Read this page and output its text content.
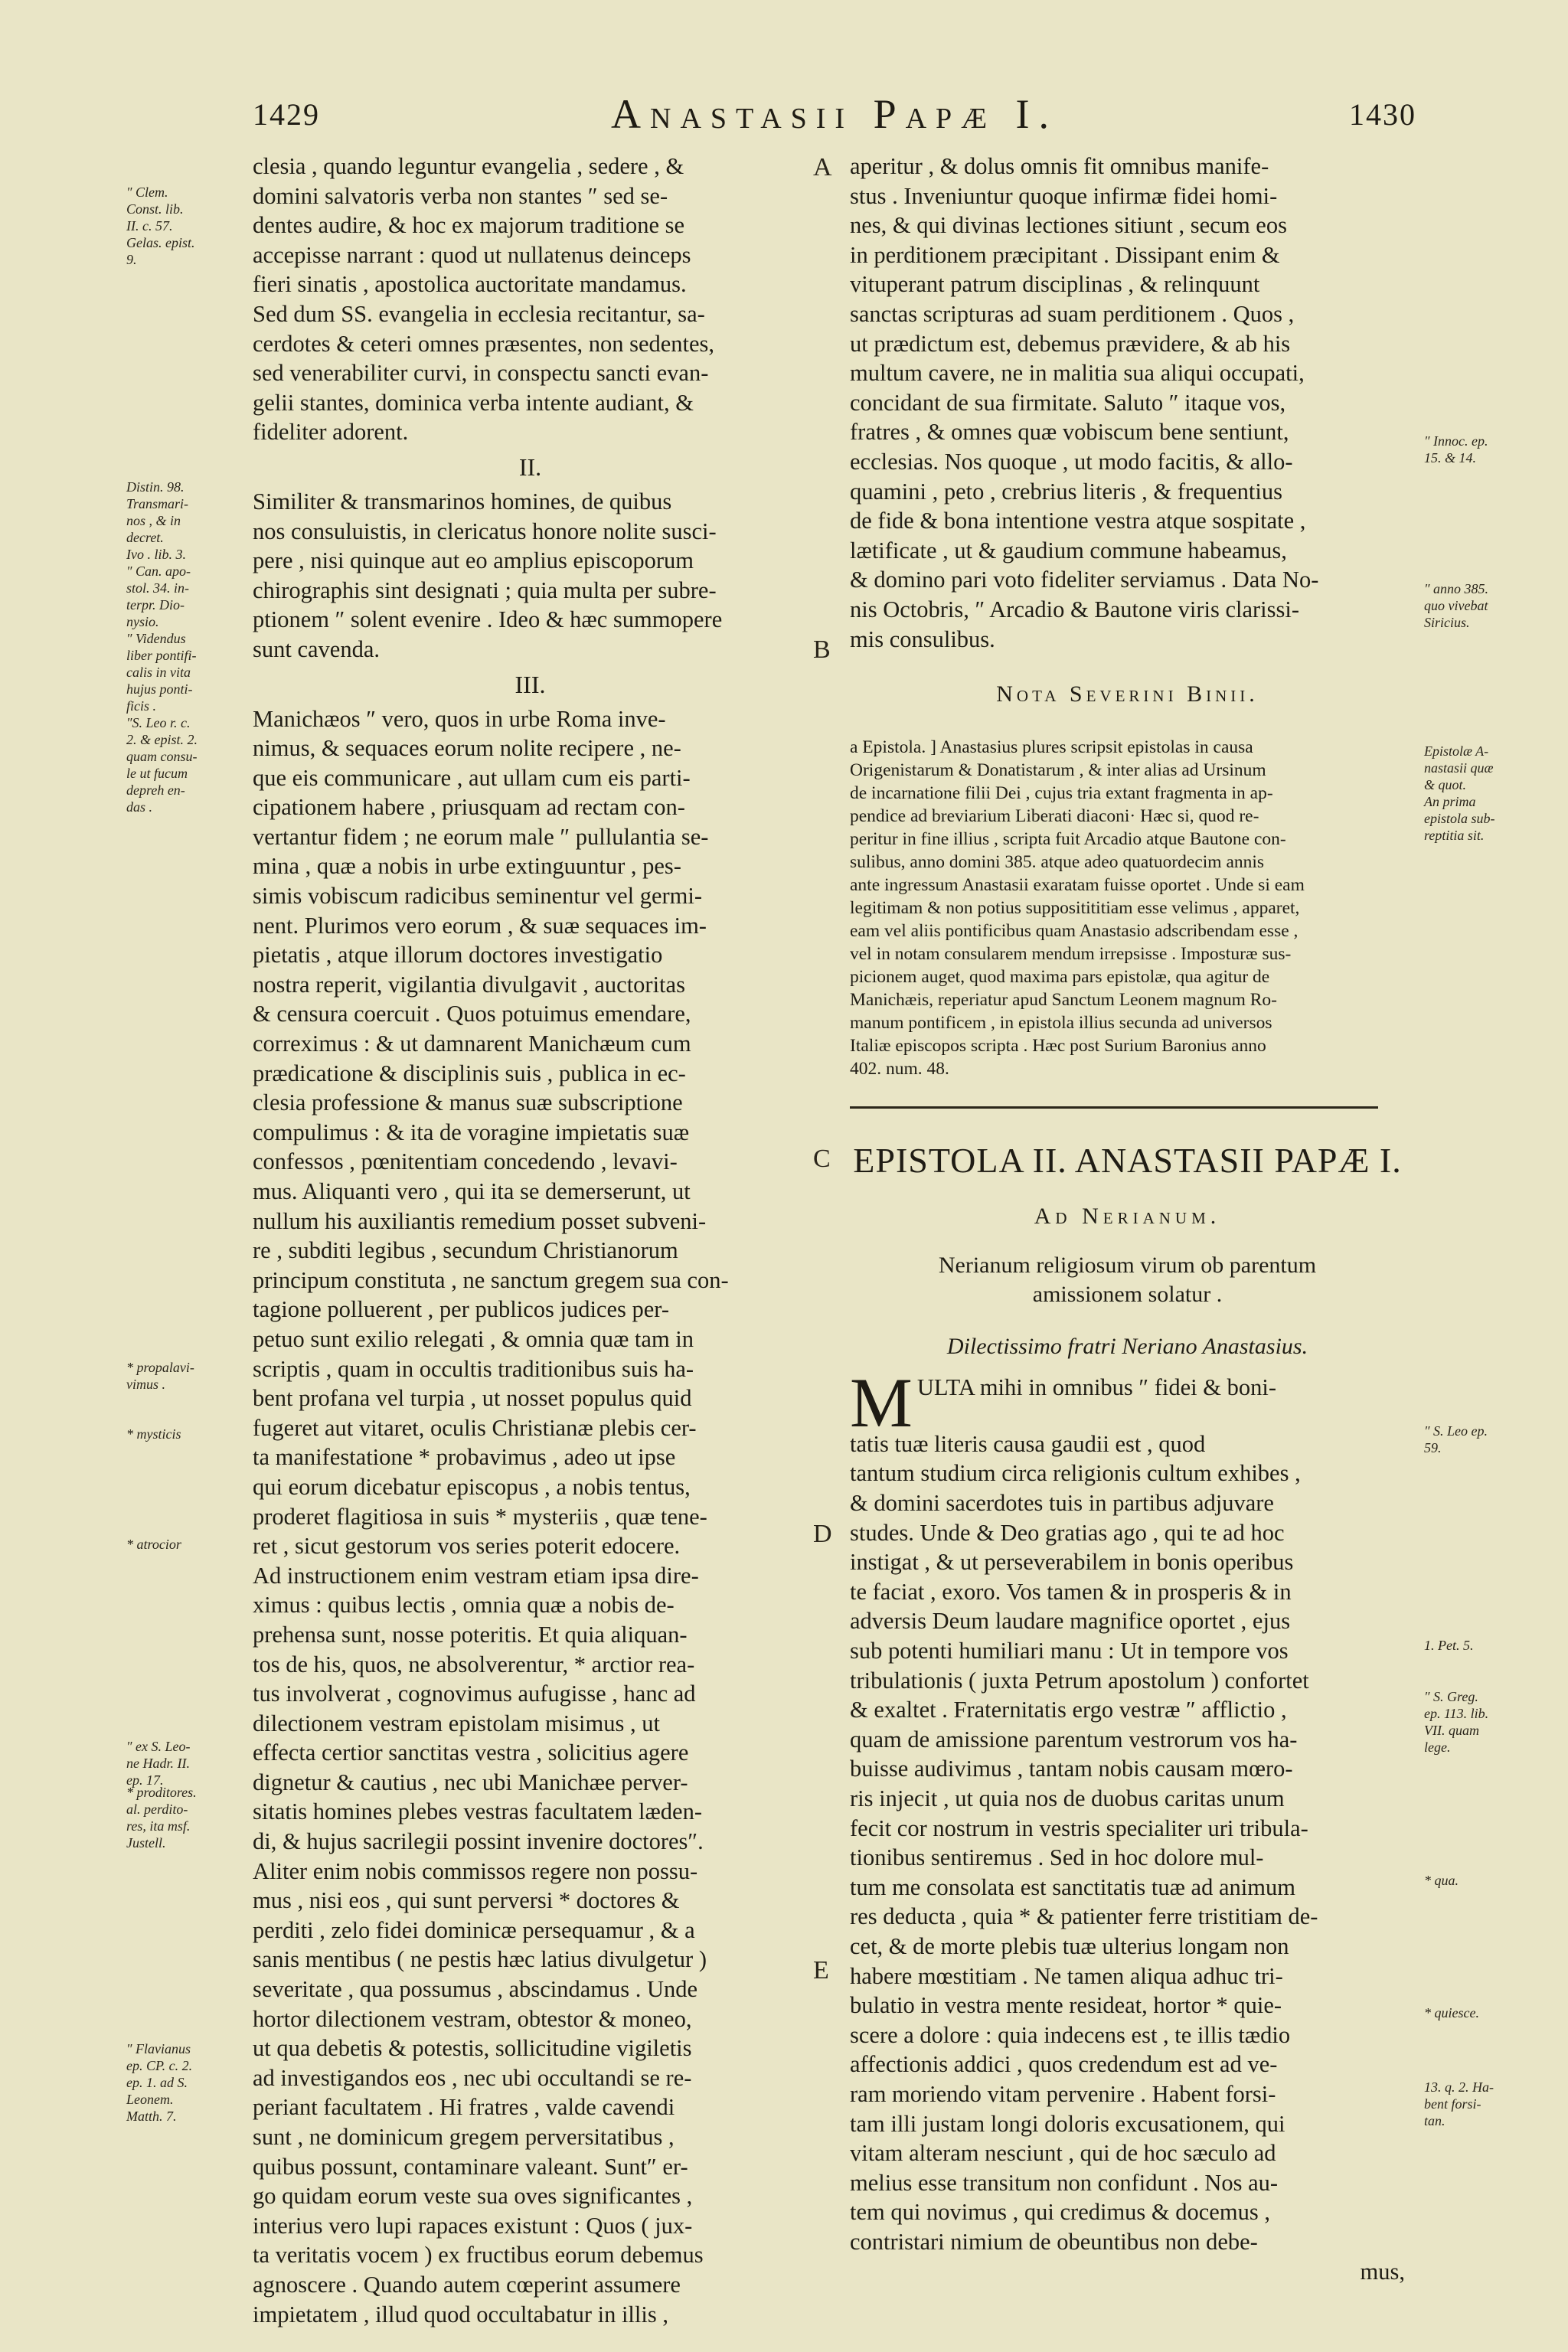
1429	Anastasii Papæ I.	1430
clesia , quando leguntur evangelia , sedere , &
domini salvatoris verba non stantes ″ sed se-
dentes audire, & hoc ex majorum traditione se
accepisse narrant : quod ut nullatenus deinceps
fieri sinatis , apostolica auctoritate mandamus.
Sed dum SS. evangelia in ecclesia recitantur, sa-
cerdotes & ceteri omnes præsentes, non sedentes,
sed venerabiliter curvi, in conspectu sancti evan-
gelii stantes, dominica verba intente audiant, &
fideliter adorent.
II.
Similiter & transmarinos homines, de quibus
nos consuluistis, in clericatus honore nolite susci-
pere , nisi quinque aut eo amplius episcoporum
chirographis sint designati ; quia multa per subre-
ptionem ″ solent evenire . Ideo & hæc summopere
sunt cavenda.
III.
Manichæos ″ vero, quos in urbe Roma inve-
nimus, & sequaces eorum nolite recipere , ne-
que eis communicare , aut ullam cum eis parti-
cipationem habere , priusquam ad rectam con-
vertantur fidem ; ne eorum male ″ pullulantia se-
mina , quæ a nobis in urbe extinguuntur , pes-
simis vobiscum radicibus seminentur vel germi-
nent. Plurimos vero eorum , & suæ sequaces im-
pietatis , atque illorum doctores investigatio
nostra reperit, vigilantia divulgavit , auctoritas
& censura coercuit . Quos potuimus emendare,
correximus : & ut damnarent Manichæum cum
prædicatione & disciplinis suis , publica in ec-
clesia professione & manus suæ subscriptione
compulimus : & ita de voragine impietatis suæ
confessos , pœnitentiam concedendo , levavi-
mus. Aliquanti vero , qui ita se demerserunt, ut
nullum his auxiliantis remedium posset subveni-
re , subditi legibus , secundum Christianorum
principum constituta , ne sanctum gregem sua con-
tagione polluerent , per publicos judices per-
petuo sunt exilio relegati , & omnia quæ tam in
scriptis , quam in occultis traditionibus suis ha-
bent profana vel turpia , ut nosset populus quid
fugeret aut vitaret, oculis Christianæ plebis cer-
ta manifestatione * probavimus , adeo ut ipse
qui eorum dicebatur episcopus , a nobis tentus,
proderet flagitiosa in suis * mysteriis , quæ tene-
ret , sicut gestorum vos series poterit edocere.
Ad instructionem enim vestram etiam ipsa dire-
ximus : quibus lectis , omnia quæ a nobis de-
prehensa sunt, nosse poteritis. Et quia aliquan-
tos de his, quos, ne absolverentur, * arctior rea-
tus involverat , cognovimus aufugisse , hanc ad
dilectionem vestram epistolam misimus , ut
effecta certior sanctitas vestra , solicitius agere
dignetur & cautius , nec ubi Manichæe perver-
sitatis homines plebes vestras facultatem læden-
di, & hujus sacrilegii possint invenire doctores″.
Aliter enim nobis commissos regere non possu-
mus , nisi eos , qui sunt perversi * doctores &
perditi , zelo fidei dominicæ persequamur , & a
sanis mentibus ( ne pestis hæc latius divulgetur )
severitate , qua possumus , abscindamus . Unde
hortor dilectionem vestram, obtestor & moneo,
ut qua debetis & potestis, sollicitudine vigiletis
ad investigandos eos , nec ubi occultandi se re-
periant facultatem . Hi fratres , valde cavendi
sunt , ne dominicum gregem perversitatibus ,
quibus possunt, contaminare valeant. Sunt″ er-
go quidam eorum veste sua oves significantes ,
interius vero lupi rapaces existunt : Quos ( jux-
ta veritatis vocem ) ex fructibus eorum debemus
agnoscere . Quando autem cœperint assumere
impietatem , illud quod occultabatur in illis ,
aperitur , & dolus omnis fit omnibus manife-
stus . Inveniuntur quoque infirmæ fidei homi-
nes, & qui divinas lectiones sitiunt , secum eos
in perditionem præcipitant . Dissipant enim &
vituperant patrum disciplinas , & relinquunt
sanctas scripturas ad suam perditionem . Quos ,
ut prædictum est, debemus prævidere, & ab his
multum cavere, ne in malitia sua aliqui occupati,
concidant de sua firmitate. Saluto ″ itaque vos,
fratres , & omnes quæ vobiscum bene sentiunt,
ecclesias. Nos quoque , ut modo facitis, & allo-
quamini , peto , crebrius literis , & frequentius
de fide & bona intentione vestra atque sospitate ,
lætificate , ut & gaudium commune habeamus,
& domino pari voto fideliter serviamus . Data No-
nis Octobris, ″ Arcadio & Bautone viris clarissi-
mis consulibus.
Nota Severini Binii.
a Epistola. ] Anastasius plures scripsit epistolas in causa
Origenistarum & Donatistarum , & inter alias ad Ursinum
de incarnatione filii Dei , cujus tria extant fragmenta in ap-
pendice ad breviarium Liberati diaconi· Hæc si, quod re-
peritur in fine illius , scripta fuit Arcadio atque Bautone con-
sulibus, anno domini 385. atque adeo quatuordecim annis
ante ingressum Anastasii exaratam fuisse oportet . Unde si eam
legitimam & non potius suppositititiam esse velimus , apparet,
eam vel aliis pontificibus quam Anastasio adscribendam esse ,
vel in notam consularem mendum irrepsisse . Imposturæ sus-
picionem auget, quod maxima pars epistolæ, qua agitur de
Manichæis, reperiatur apud Sanctum Leonem magnum Ro-
manum pontificem , in epistola illius secunda ad universos
Italiæ episcopos scripta . Hæc post Surium Baronius anno
402. num. 48.
EPISTOLA II. ANASTASII PAPÆ I.
Ad Nerianum.
Nerianum religiosum virum ob parentum
amissionem solatur .
Dilectissimo fratri Neriano Anastasius.
MULTA mihi in omnibus ″ fidei & boni-
tatis tuæ literis causa gaudii est , quod
tantum studium circa religionis cultum exhibes ,
& domini sacerdotes tuis in partibus adjuvare
studes. Unde & Deo gratias ago , qui te ad hoc
instigat , & ut perseverabilem in bonis operibus
te faciat , exoro. Vos tamen & in prosperis & in
adversis Deum laudare magnifice oportet , ejus
sub potenti humiliari manu : Ut in tempore vos
tribulationis ( juxta Petrum apostolum ) confortet
& exaltet . Fraternitatis ergo vestræ ″ afflictio ,
quam de amissione parentum vestrorum vos ha-
buisse audivimus , tantam nobis causam mœro-
ris injecit , ut quia nos de duobus caritas unum
fecit cor nostrum in vestris specialiter uri tribula-
tionibus sentiremus . Sed in hoc dolore mul-
tum me consolata est sanctitatis tuæ ad animum
res deducta , quia * & patienter ferre tristitiam de-
cet, & de morte plebis tuæ ulterius longam non
habere mœstitiam . Ne tamen aliqua adhuc tri-
bulatio in vestra mente resideat, hortor * quie-
scere a dolore : quia indecens est , te illis tædio
affectionis addici , quos credendum est ad ve-
ram moriendo vitam pervenire . Habent forsi-
tam illi justam longi doloris excusationem, qui
vitam alteram nesciunt , qui de hoc sæculo ad
melius esse transitum non confidunt . Nos au-
tem qui novimus , qui credimus & docemus ,
contristari nimium de obeuntibus non debe-
mus,
″ Clem.
Const. lib.
II. c. 57.
Gelas. epist.
9.
Distin. 98.
Transmari-
nos , & in
decret.
Ivo . lib. 3.
″ Can. apo-
stol. 34. in-
terpr. Dio-
nysio.
″ Videndus
liber pontifi-
calis in vita
hujus ponti-
ficis .
″S. Leo r. c.
2. & epist. 2.
quam consu-
le ut fucum
depreh en-
das .
* propalavi-
vimus .
* mysticis
* atrocior
″ ex S. Leo-
ne Hadr. II.
ep. 17.
* proditores.
al. perdito-
res, ita msf.
Justell.
″ Flavianus
ep. CP. c. 2.
ep. 1. ad S.
Leonem.
Matth. 7.
″ Innoc. ep.
15. & 14.
″ anno 385.
quo vivebat
Siricius.
Epistolæ A-
nastasii quæ
& quot.
An prima
epistola sub-
reptitia sit.
″ S. Leo ep.
59.
1. Pet. 5.
″ S. Greg.
ep. 113. lib.
VII. quam
lege.
* qua.
* quiesce.
13. q. 2. Ha-
bent forsi-
tan.
A
B
C
D
E
